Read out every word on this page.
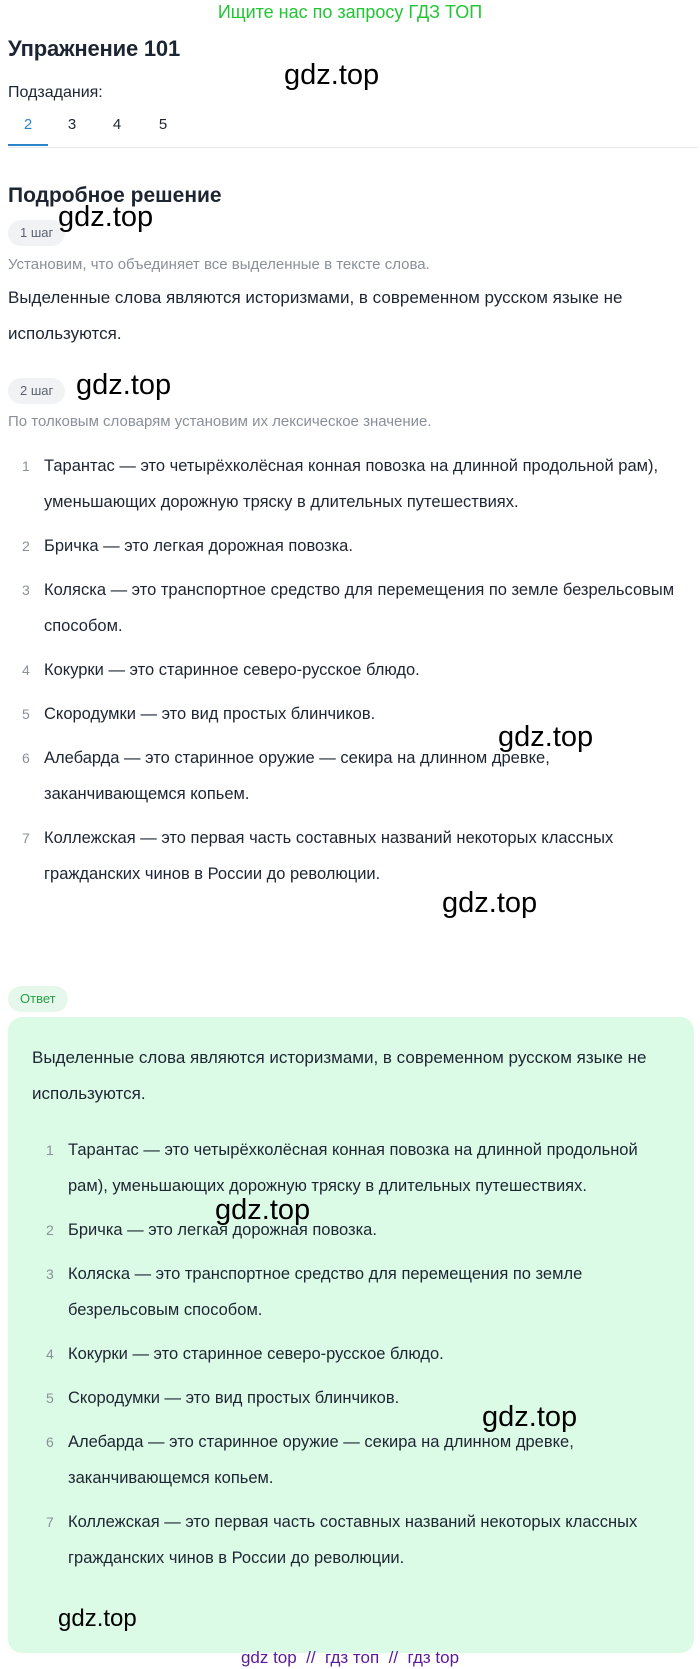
Ищите нас по запросу ГДЗ ТОП
Упражнение 101
Подзадания:
2	3	4	5
gdz.top
Подробное решение
1 шаг gdz.top
Установим, что объединяет все выделенные в тексте слова.
Выделенные слова являются историзмами, в современном русском языке не используются.
2 шаг gdz.top
По толковым словарям установим их лексическое значение.
1 Тарантас — это четырёхколёсная конная повозка на длинной продольной рам), уменьшающих дорожную тряску в длительных путешествиях.
2 Бричка — это легкая дорожная повозка.
3 Коляска — это транспортное средство для перемещения по земле безрельсовым способом.
4 Кокурки — это старинное северо-русское блюдо.
5 Скородумки — это вид простых блинчиков.
6 Алебарда — это старинное оружие — секира на длинном древке, заканчивающемся копьем.
7 Коллежская — это первая часть составных названий некоторых классных гражданских чинов в России до революции.
gdz.top
gdz.top
Ответ
Выделенные слова являются историзмами, в современном русском языке не используются.
1 Тарантас — это четырёхколёсная конная повозка на длинной продольной рам), уменьшающих дорожную тряску в длительных путешествиях.
2 Бричка — это легкая дорожная повозка.
3 Коляска — это транспортное средство для перемещения по земле безрельсовым способом.
4 Кокурки — это старинное северо-русское блюдо.
5 Скородумки — это вид простых блинчиков.
6 Алебарда — это старинное оружие — секира на длинном древке, заканчивающемся копьем.
7 Коллежская — это первая часть составных названий некоторых классных гражданских чинов в России до революции.
gdz.top
gdz.top
gdz.top
gdz top  //  гдз топ  //  гдз top
